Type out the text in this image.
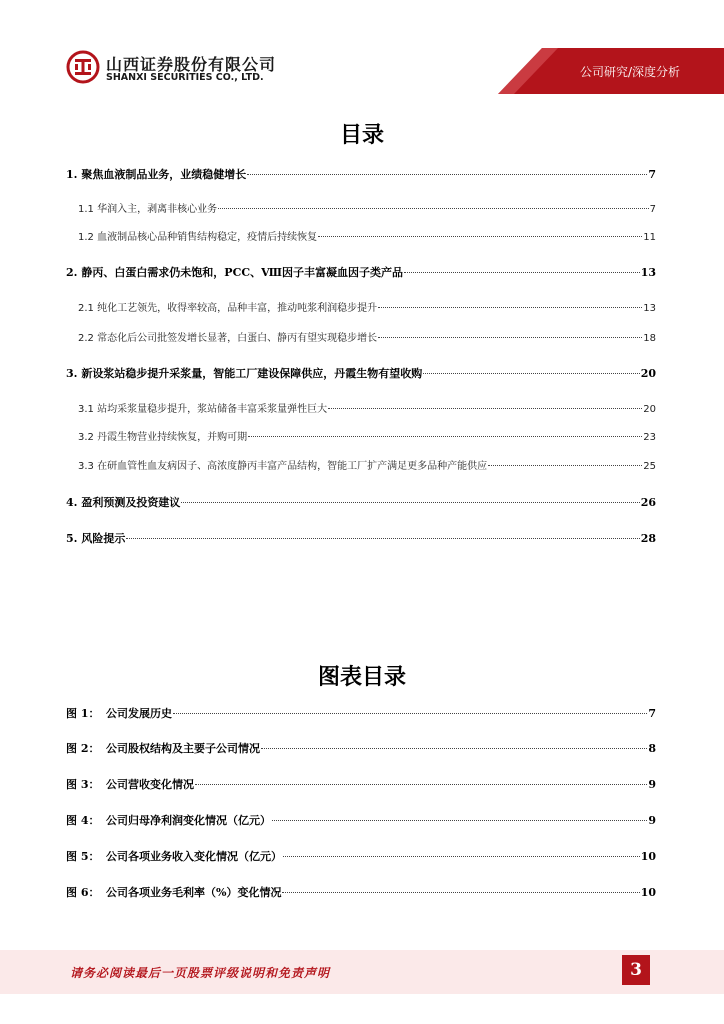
山西证券股份有限公司
SHANXI SECURITIES CO., LTD.	公司研究/深度分析
目录
1. 聚焦血液制品业务，业绩稳健增长	7
1.1 华润入主，剥离非核心业务	7
1.2 血液制品核心品种销售结构稳定，疫情后持续恢复	11
2. 静丙、白蛋白需求仍未饱和，PCC、Ⅷ因子丰富凝血因子类产品	13
2.1 纯化工艺领先，收得率较高，品种丰富，推动吨浆利润稳步提升	13
2.2 常态化后公司批签发增长显著，白蛋白、静丙有望实现稳步增长	18
3. 新设浆站稳步提升采浆量，智能工厂建设保障供应，丹霞生物有望收购	20
3.1 站均采浆量稳步提升，浆站储备丰富采浆量弹性巨大	20
3.2 丹霞生物营业持续恢复，并购可期	23
3.3 在研血管性血友病因子、高浓度静丙丰富产品结构，智能工厂扩产满足更多品种产能供应	25
4. 盈利预测及投资建议	26
5. 风险提示	28
图表目录
图 1： 公司发展历史	7
图 2： 公司股权结构及主要子公司情况	8
图 3： 公司营收变化情况	9
图 4： 公司归母净利润变化情况（亿元）	9
图 5： 公司各项业务收入变化情况（亿元）	10
图 6： 公司各项业务毛利率（%）变化情况	10
请务必阅读最后一页股票评级说明和免责声明	3
